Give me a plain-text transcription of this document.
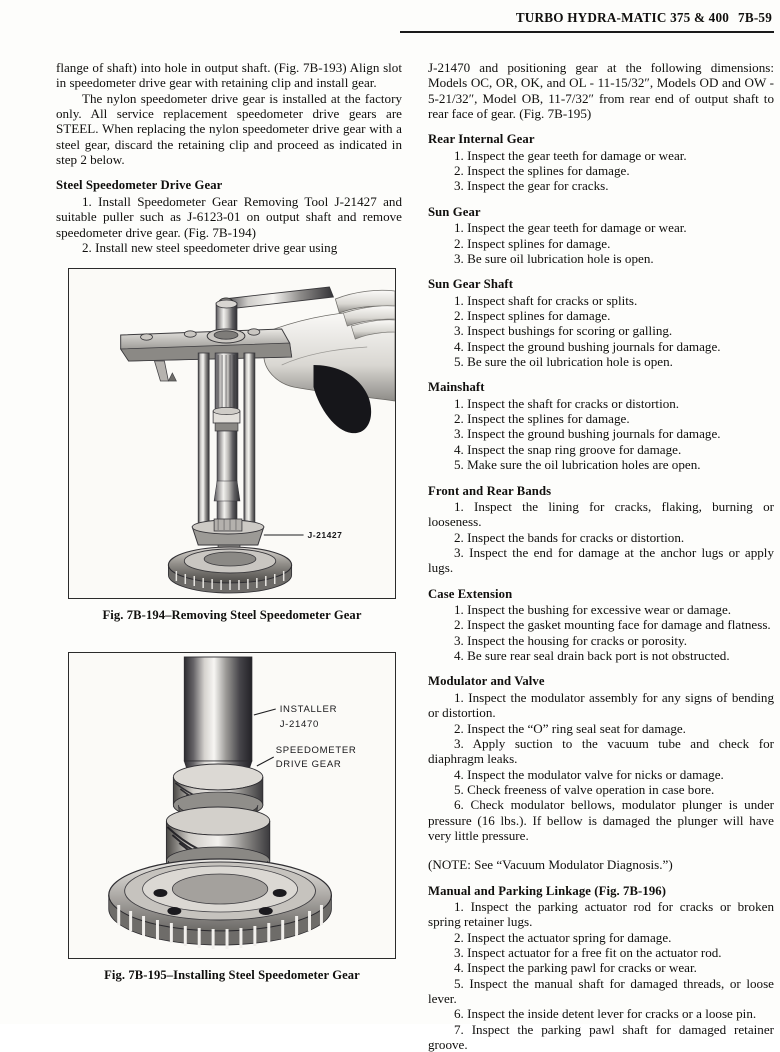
TURBO HYDRA-MATIC 375 & 400 7B-59

flange of shaft) into hole in output shaft. (Fig. 7B-193) Align slot in speedometer drive gear with retaining clip and install gear.

The nylon speedometer drive gear is installed at the factory only. All service replacement speedometer drive gears are STEEL. When replacing the nylon speedometer drive gear with a steel gear, discard the retaining clip and proceed as indicated in step 2 below.

Steel Speedometer Drive Gear

1. Install Speedometer Gear Removing Tool J-21427 and suitable puller such as J-6123-01 on output shaft and remove speedometer drive gear. (Fig. 7B-194)

2. Install new steel speedometer drive gear using

J-21427
Fig. 7B-194–Removing Steel Speedometer Gear
INSTALLER
J-21470
SPEEDOMETER
DRIVE GEAR
Fig. 7B-195–Installing Steel Speedometer Gear

J-21470 and positioning gear at the following dimensions: Models OC, OR, OK, and OL - 11-15/32″, Models OD and OW - 5-21/32″, Model OB, 11-7/32″ from rear end of output shaft to rear face of gear. (Fig. 7B-195)

Rear Internal Gear

1. Inspect the gear teeth for damage or wear.

2. Inspect the splines for damage.

3. Inspect the gear for cracks.

Sun Gear

1. Inspect the gear teeth for damage or wear.

2. Inspect splines for damage.

3. Be sure oil lubrication hole is open.

Sun Gear Shaft

1. Inspect shaft for cracks or splits.

2. Inspect splines for damage.

3. Inspect bushings for scoring or galling.

4. Inspect the ground bushing journals for damage.

5. Be sure the oil lubrication hole is open.

Mainshaft

1. Inspect the shaft for cracks or distortion.

2. Inspect the splines for damage.

3. Inspect the ground bushing journals for damage.

4. Inspect the snap ring groove for damage.

5. Make sure the oil lubrication holes are open.

Front and Rear Bands

1. Inspect the lining for cracks, flaking, burning or looseness.

2. Inspect the bands for cracks or distortion.

3. Inspect the end for damage at the anchor lugs or apply lugs.

Case Extension

1. Inspect the bushing for excessive wear or damage.

2. Inspect the gasket mounting face for damage and flatness.

3. Inspect the housing for cracks or porosity.

4. Be sure rear seal drain back port is not obstructed.

Modulator and Valve

1. Inspect the modulator assembly for any signs of bending or distortion.

2. Inspect the “O” ring seal seat for damage.

3. Apply suction to the vacuum tube and check for diaphragm leaks.

4. Inspect the modulator valve for nicks or damage.

5. Check freeness of valve operation in case bore.

6. Check modulator bellows, modulator plunger is under pressure (16 lbs.). If bellow is damaged the plunger will have very little pressure.

(NOTE: See “Vacuum Modulator Diagnosis.”)

Manual and Parking Linkage (Fig. 7B-196)

1. Inspect the parking actuator rod for cracks or broken spring retainer lugs.

2. Inspect the actuator spring for damage.

3. Inspect actuator for a free fit on the actuator rod.

4. Inspect the parking pawl for cracks or wear.

5. Inspect the manual shaft for damaged threads, or loose lever.

6. Inspect the inside detent lever for cracks or a loose pin.

7. Inspect the parking pawl shaft for damaged retainer groove.
